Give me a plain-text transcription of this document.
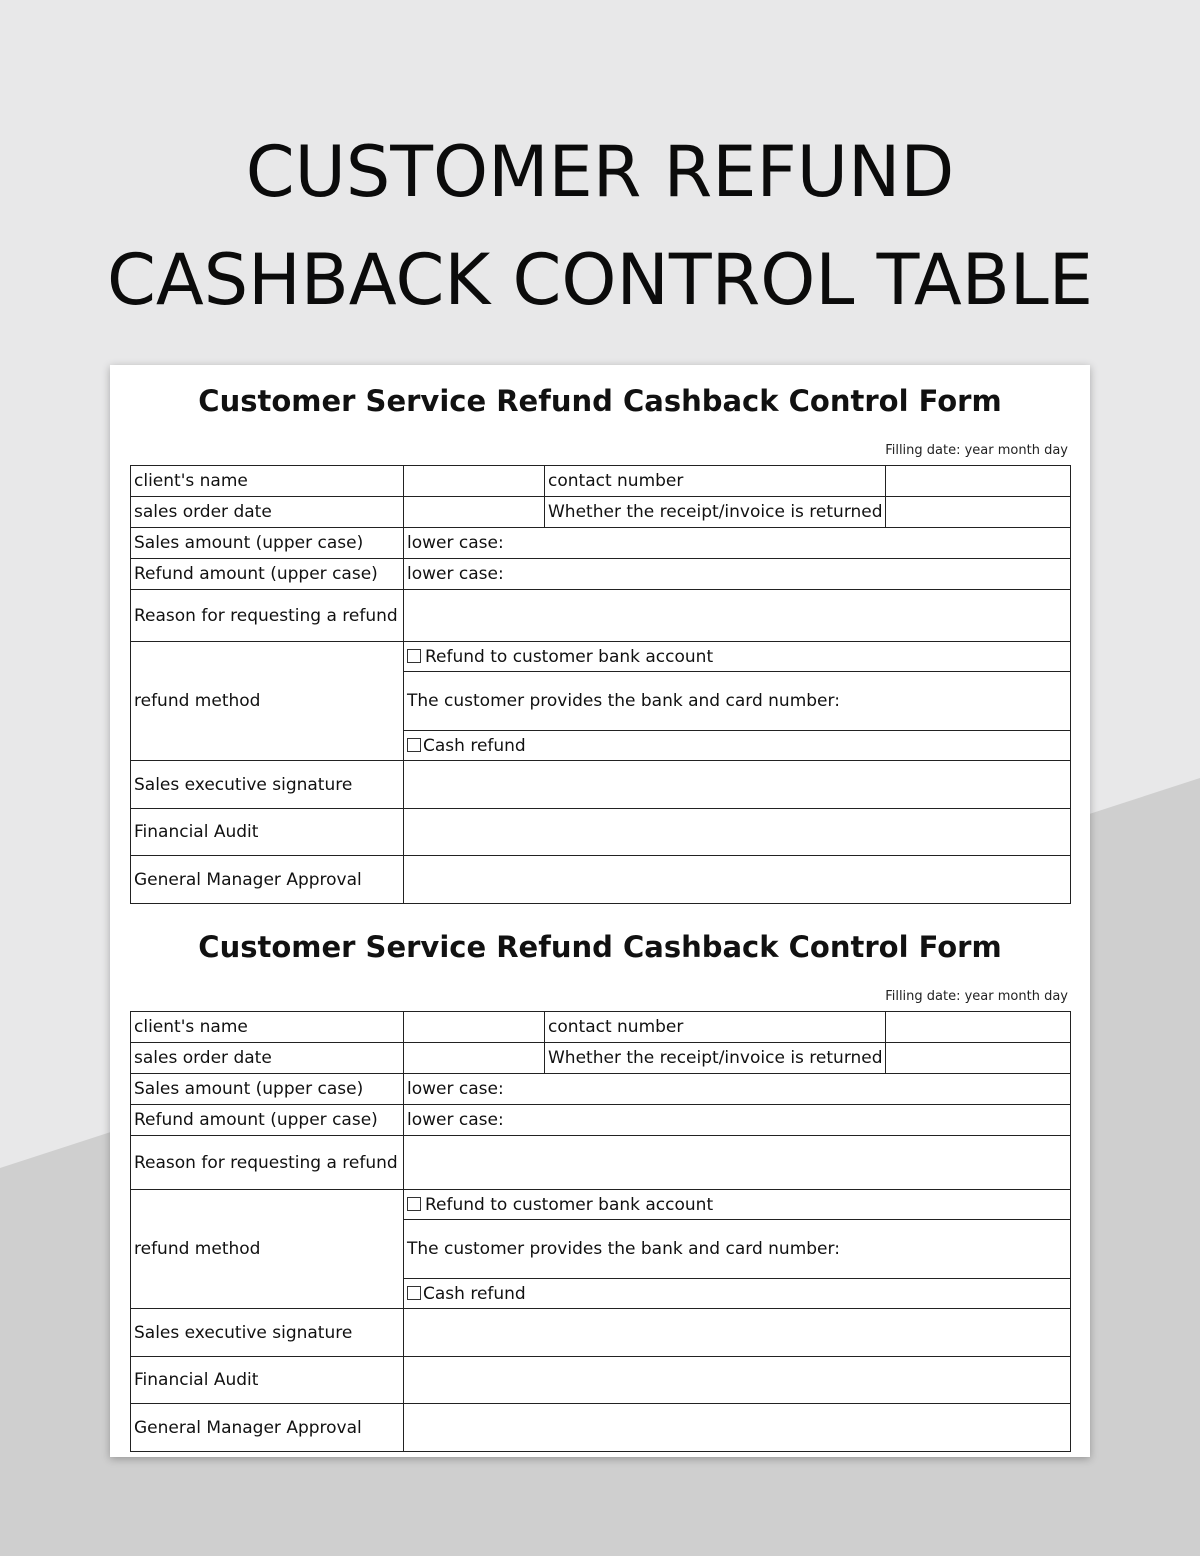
CUSTOMER REFUND
CASHBACK CONTROL TABLE
Customer Service Refund Cashback Control Form
Filling date: year month day
client's name		contact number	
sales order date		Whether the receipt/invoice is returned	
Sales amount (upper case)	lower case:		
Refund amount (upper case)	lower case:		
Reason for requesting a refund			
refund method	Refund to customer bank account		
	The customer provides the bank and card number:		
	Cash refund		
Sales executive signature			
Financial Audit			
General Manager Approval			
Customer Service Refund Cashback Control Form
Filling date: year month day
client's name		contact number	
sales order date		Whether the receipt/invoice is returned	
Sales amount (upper case)	lower case:		
Refund amount (upper case)	lower case:		
Reason for requesting a refund			
refund method	Refund to customer bank account		
	The customer provides the bank and card number:		
	Cash refund		
Sales executive signature			
Financial Audit			
General Manager Approval			
